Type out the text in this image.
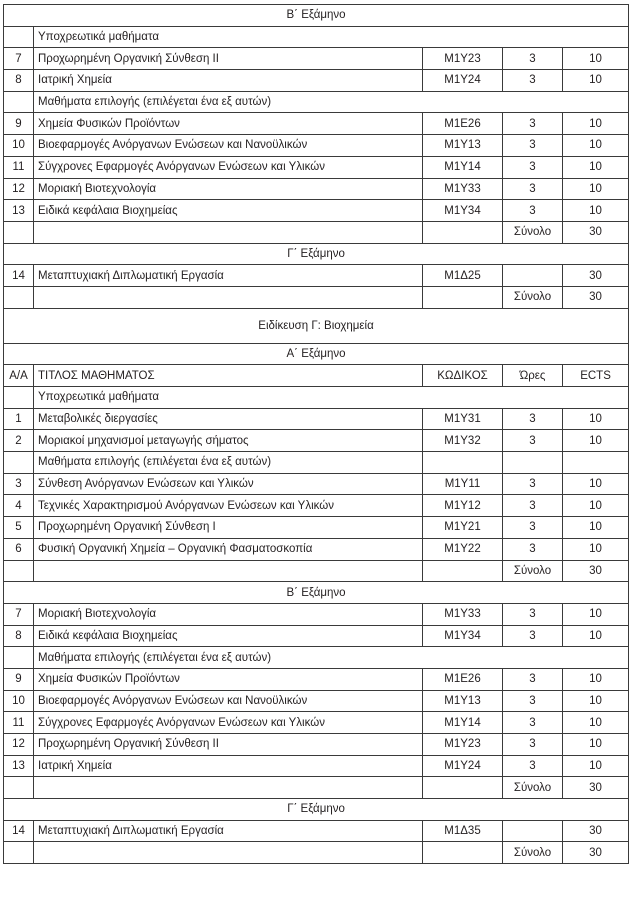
Β΄ Εξάμηνο				
	Υποχρεωτικά μαθήματα			
7	Προχωρημένη Οργανική Σύνθεση ΙΙ	Μ1Υ23	3	10
8	Ιατρική Χημεία	Μ1Υ24	3	10
	Μαθήματα επιλογής (επιλέγεται ένα εξ αυτών)			
9	Χημεία Φυσικών Προϊόντων	Μ1Ε26	3	10
10	Βιοεφαρμογές Ανόργανων Ενώσεων και Νανοϋλικών	Μ1Υ13	3	10
11	Σύγχρονες Εφαρμογές Ανόργανων Ενώσεων και Υλικών	Μ1Υ14	3	10
12	Μοριακή Βιοτεχνολογία	Μ1Υ33	3	10
13	Ειδικά κεφάλαια Βιοχημείας	Μ1Υ34	3	10
			Σύνολο	30
Γ΄ Εξάμηνο				
14	Μεταπτυχιακή Διπλωματική Εργασία	Μ1Δ25		30
			Σύνολο	30
Ειδίκευση Γ: Βιοχημεία				
Α΄ Εξάμηνο				
Α/Α	ΤΙΤΛΟΣ ΜΑΘΗΜΑΤΟΣ	ΚΩΔΙΚΟΣ	Ώρες	ECTS
	Υποχρεωτικά μαθήματα			
1	Μεταβολικές διεργασίες	Μ1Υ31	3	10
2	Μοριακοί μηχανισμοί μεταγωγής σήματος	Μ1Υ32	3	10
	Μαθήματα επιλογής (επιλέγεται ένα εξ αυτών)			
3	Σύνθεση Ανόργανων Ενώσεων και Υλικών	Μ1Υ11	3	10
4	Τεχνικές Χαρακτηρισμού Ανόργανων Ενώσεων και Υλικών	Μ1Υ12	3	10
5	Προχωρημένη Οργανική Σύνθεση Ι	Μ1Υ21	3	10
6	Φυσική Οργανική Χημεία – Οργανική Φασματοσκοπία	Μ1Υ22	3	10
			Σύνολο	30
Β΄ Εξάμηνο				
7	Μοριακή Βιοτεχνολογία	Μ1Υ33	3	10
8	Ειδικά κεφάλαια Βιοχημείας	Μ1Υ34	3	10
	Μαθήματα επιλογής (επιλέγεται ένα εξ αυτών)			
9	Χημεία Φυσικών Προϊόντων	Μ1Ε26	3	10
10	Βιοεφαρμογές Ανόργανων Ενώσεων και Νανοϋλικών	Μ1Υ13	3	10
11	Σύγχρονες Εφαρμογές Ανόργανων Ενώσεων και Υλικών	Μ1Υ14	3	10
12	Προχωρημένη Οργανική Σύνθεση ΙΙ	Μ1Υ23	3	10
13	Ιατρική Χημεία	Μ1Υ24	3	10
			Σύνολο	30
Γ΄ Εξάμηνο				
14	Μεταπτυχιακή Διπλωματική Εργασία	Μ1Δ35		30
			Σύνολο	30
